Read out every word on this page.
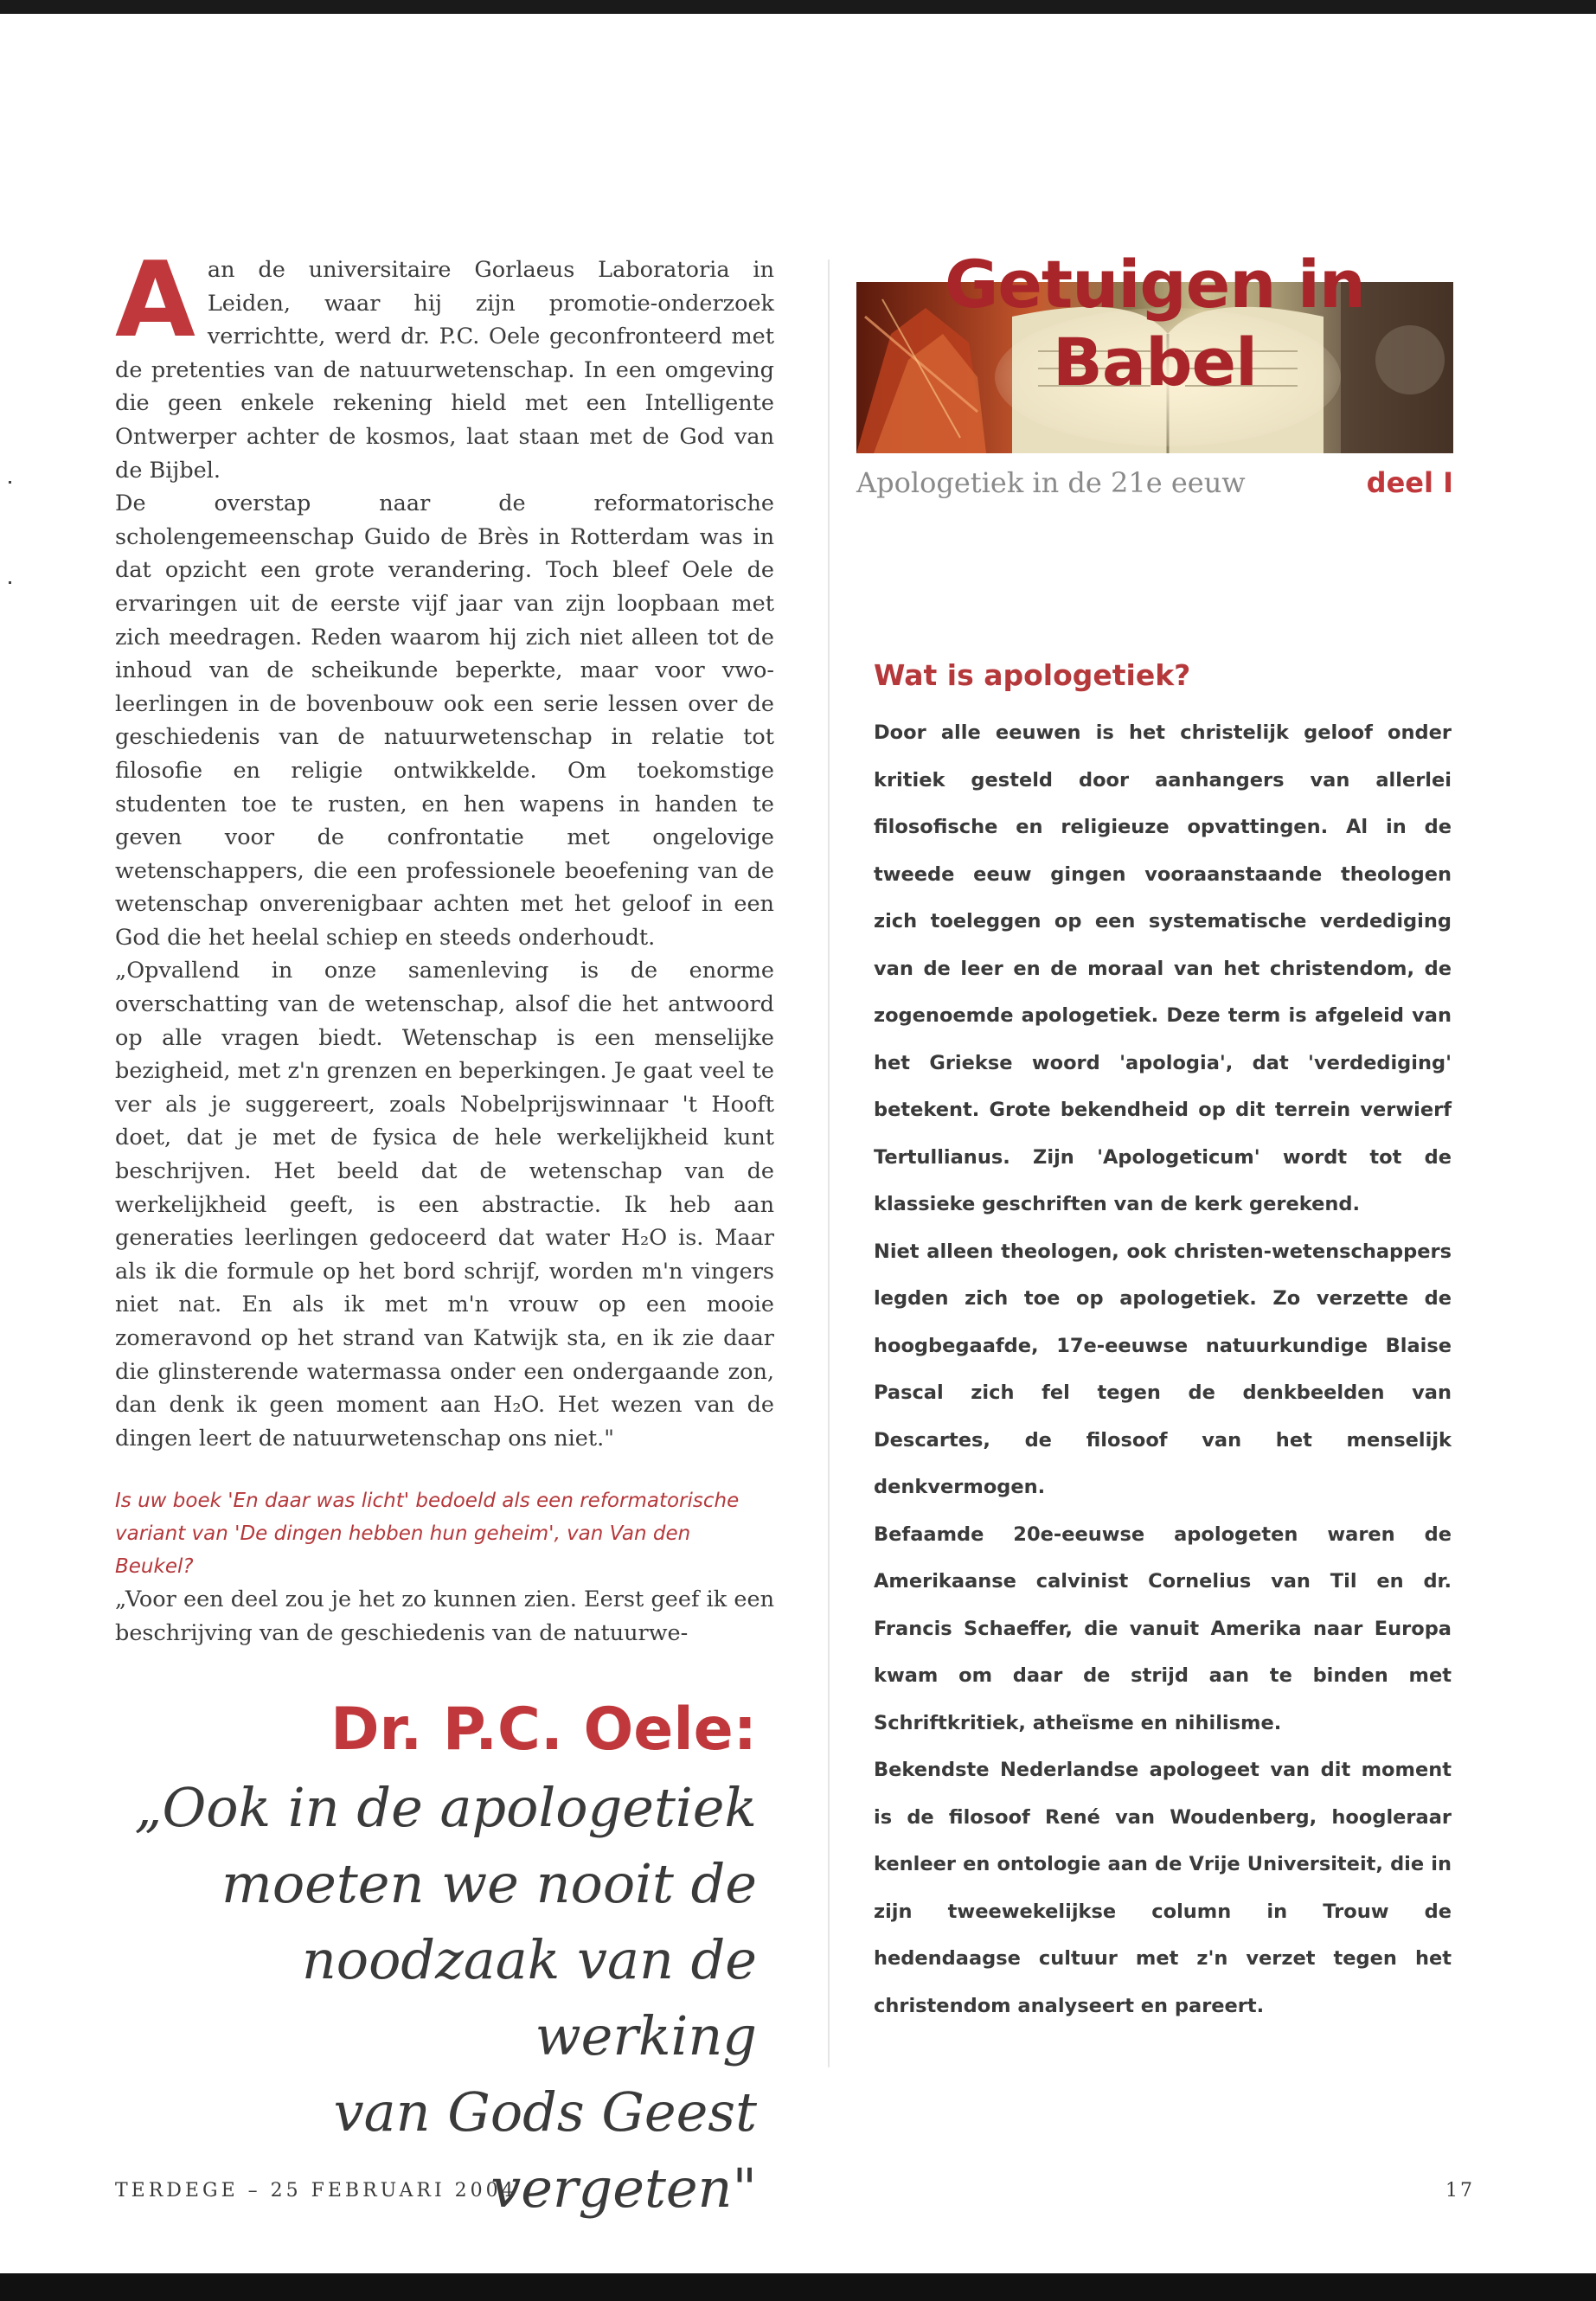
Aan de universitaire Gorlaeus Laboratoria in Leiden, waar hij zijn promotie-onderzoek verrichtte, werd dr. P.C. Oele geconfronteerd met de pretenties van de natuurwetenschap. In een omgeving die geen enkele rekening hield met een Intelligente Ontwerper achter de kosmos, laat staan met de God van de Bijbel.

De overstap naar de reformatorische scholengemeenschap Guido de Brès in Rotterdam was in dat opzicht een grote verandering. Toch bleef Oele de ervaringen uit de eerste vijf jaar van zijn loopbaan met zich meedragen. Reden waarom hij zich niet alleen tot de inhoud van de scheikunde beperkte, maar voor vwo-leerlingen in de bovenbouw ook een serie lessen over de geschiedenis van de natuurwetenschap in relatie tot filosofie en religie ontwikkelde. Om toekomstige studenten toe te rusten, en hen wapens in handen te geven voor de confrontatie met ongelovige wetenschappers, die een professionele beoefening van de wetenschap onverenigbaar achten met het geloof in een God die het heelal schiep en steeds onderhoudt.

„Opvallend in onze samenleving is de enorme overschatting van de wetenschap, alsof die het antwoord op alle vragen biedt. Wetenschap is een menselijke bezigheid, met z'n grenzen en beperkingen. Je gaat veel te ver als je suggereert, zoals Nobelprijswinnaar 't Hooft doet, dat je met de fysica de hele werkelijkheid kunt beschrijven. Het beeld dat de wetenschap van de werkelijkheid geeft, is een abstractie. Ik heb aan generaties leerlingen gedoceerd dat water H₂O is. Maar als ik die formule op het bord schrijf, worden m'n vingers niet nat. En als ik met m'n vrouw op een mooie zomeravond op het strand van Katwijk sta, en ik zie daar die glinsterende watermassa onder een ondergaande zon, dan denk ik geen moment aan H₂O. Het wezen van de dingen leert de natuurwetenschap ons niet."

Is uw boek 'En daar was licht' bedoeld als een reformatorische variant van 'De dingen hebben hun geheim', van Van den Beukel?
„Voor een deel zou je het zo kunnen zien. Eerst geef ik een beschrijving van de geschiedenis van de natuurwe-
Dr. P.C. Oele:
„Ook in de apologetiek
moeten we nooit de
noodzaak van de werking
van Gods Geest vergeten"
Getuigen in Babel
Apologetiek in de 21e eeuw	deel I
Wat is apologetiek?

Door alle eeuwen is het christelijk geloof onder kritiek gesteld door aanhangers van allerlei filosofische en religieuze opvattingen. Al in de tweede eeuw gingen vooraanstaande theologen zich toeleggen op een systematische verdediging van de leer en de moraal van het christendom, de zogenoemde apologetiek. Deze term is afgeleid van het Griekse woord 'apologia', dat 'verdediging' betekent. Grote bekendheid op dit terrein verwierf Tertullianus. Zijn 'Apologeticum' wordt tot de klassieke geschriften van de kerk gerekend.

Niet alleen theologen, ook christen-wetenschappers legden zich toe op apologetiek. Zo verzette de hoogbegaafde, 17e-eeuwse natuurkundige Blaise Pascal zich fel tegen de denkbeelden van Descartes, de filosoof van het menselijk denkvermogen.

Befaamde 20e-eeuwse apologeten waren de Amerikaanse calvinist Cornelius van Til en dr. Francis Schaeffer, die vanuit Amerika naar Europa kwam om daar de strijd aan te binden met Schriftkritiek, atheïsme en nihilisme.

Bekendste Nederlandse apologeet van dit moment is de filosoof René van Woudenberg, hoogleraar kenleer en ontologie aan de Vrije Universiteit, die in zijn tweewekelijkse column in Trouw de hedendaagse cultuur met z'n verzet tegen het christendom analyseert en pareert.

TERDEGE – 25 FEBRUARI 2004	17
